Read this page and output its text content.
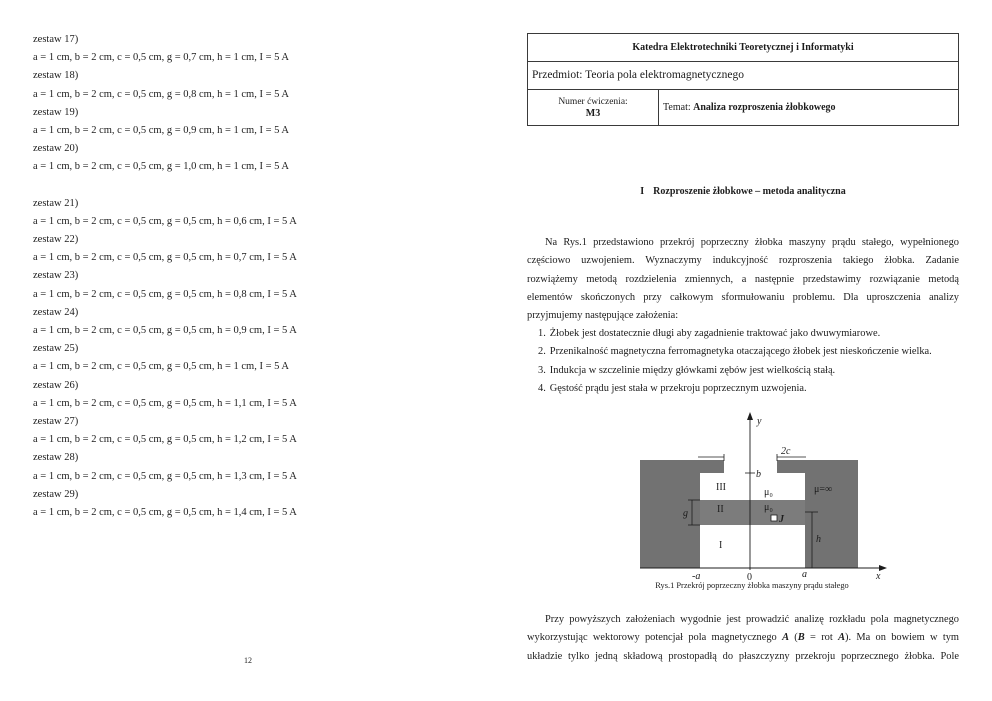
zestaw 17)
a = 1 cm, b = 2 cm, c = 0,5 cm, g = 0,7 cm, h = 1 cm, I = 5 A
zestaw 18)
a = 1 cm, b = 2 cm, c = 0,5 cm, g = 0,8 cm, h = 1 cm, I = 5 A
zestaw 19)
a = 1 cm, b = 2 cm, c = 0,5 cm, g = 0,9 cm, h = 1 cm, I = 5 A
zestaw 20)
a = 1 cm, b = 2 cm, c = 0,5 cm, g = 1,0 cm, h = 1 cm, I = 5 A
zestaw 21)
a = 1 cm, b = 2 cm, c = 0,5 cm, g = 0,5 cm, h = 0,6 cm, I = 5 A
zestaw 22)
a = 1 cm, b = 2 cm, c = 0,5 cm, g = 0,5 cm, h = 0,7 cm, I = 5 A
zestaw 23)
a = 1 cm, b = 2 cm, c = 0,5 cm, g = 0,5 cm, h = 0,8 cm, I = 5 A
zestaw 24)
a = 1 cm, b = 2 cm, c = 0,5 cm, g = 0,5 cm, h = 0,9 cm, I = 5 A
zestaw 25)
a = 1 cm, b = 2 cm, c = 0,5 cm, g = 0,5 cm, h = 1 cm, I = 5 A
zestaw 26)
a = 1 cm, b = 2 cm, c = 0,5 cm, g = 0,5 cm, h = 1,1 cm, I = 5 A
zestaw 27)
a = 1 cm, b = 2 cm, c = 0,5 cm, g = 0,5 cm, h = 1,2 cm, I = 5 A
zestaw 28)
a = 1 cm, b = 2 cm, c = 0,5 cm, g = 0,5 cm, h = 1,3 cm, I = 5 A
zestaw 29)
a = 1 cm, b = 2 cm, c = 0,5 cm, g = 0,5 cm, h = 1,4 cm, I = 5 A
12
Katedra Elektrotechniki Teoretycznej i Informatyki
Przedmiot: Teoria pola elektromagnetycznego
Numer ćwiczenia:
M3	Temat: Analiza rozproszenia żłobkowego
I Rozproszenie żłobkowe – metoda analityczna
Na Rys.1 przedstawiono przekrój poprzeczny żłobka maszyny prądu stałego, wypełnionego
częściowo uzwojeniem. Wyznaczymy indukcyjność rozproszenia takiego żłobka. Zadanie
rozwiążemy metodą rozdzielenia zmiennych, a następnie przedstawimy rozwiązanie metodą
elementów skończonych przy całkowym sformułowaniu problemu. Dla uproszczenia analizy
przyjmujemy następujące założenia:
1. Żłobek jest dostatecznie długi aby zagadnienie traktować jako dwuwymiarowe.
2. Przenikalność magnetyczna ferromagnetyka otaczającego żłobek jest nieskończenie wielka.
3. Indukcja w szczelinie między główkami zębów jest wielkością stałą.
4. Gęstość prądu jest stała w przekroju poprzecznym uzwojenia.
y
x
-a	0	a
b
2c
g
h
III	μ₀
II	μ₀
J
I
μ=∞
Rys.1 Przekrój poprzeczny żłobka maszyny prądu stałego
Przy powyższych założeniach wygodnie jest prowadzić analizę rozkładu pola magnetycznego
wykorzystując wektorowy potencjał pola magnetycznego A (B = rot A). Ma on bowiem w tym
układzie tylko jedną składową prostopadłą do płaszczyzny przekroju poprzecznego żłobka. Pole
